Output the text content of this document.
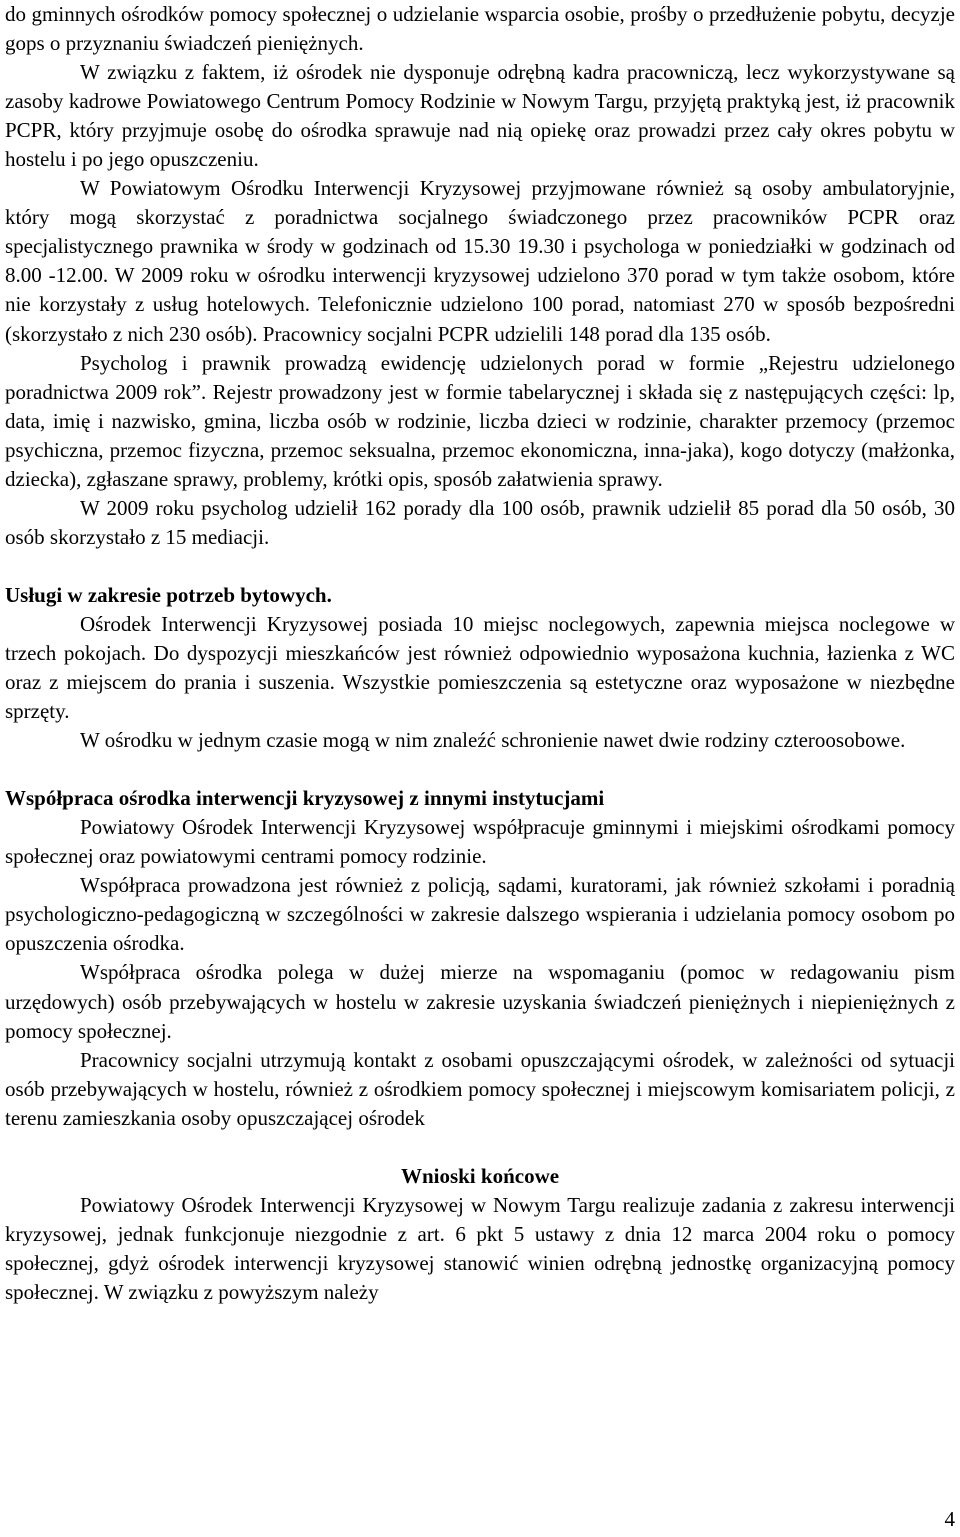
do gminnych ośrodków pomocy społecznej o udzielanie wsparcia osobie, prośby o przedłużenie pobytu, decyzje gops o przyznaniu świadczeń pieniężnych.

W związku z faktem, iż ośrodek nie dysponuje odrębną kadra pracowniczą, lecz wykorzystywane są zasoby kadrowe Powiatowego Centrum Pomocy Rodzinie w Nowym Targu, przyjętą praktyką jest, iż pracownik PCPR, który przyjmuje osobę do ośrodka sprawuje nad nią opiekę oraz prowadzi przez cały okres pobytu w hostelu i po jego opuszczeniu.

W Powiatowym Ośrodku Interwencji Kryzysowej przyjmowane również są osoby ambulatoryjnie, który mogą skorzystać z poradnictwa socjalnego świadczonego przez pracowników PCPR oraz specjalistycznego prawnika w środy w godzinach od 15.30 19.30 i psychologa w poniedziałki w godzinach od 8.00 -12.00. W 2009 roku w ośrodku interwencji kryzysowej udzielono 370 porad w tym także osobom, które nie korzystały z usług hotelowych. Telefonicznie udzielono 100 porad, natomiast 270 w sposób bezpośredni (skorzystało z nich 230 osób). Pracownicy socjalni PCPR udzielili 148 porad dla 135 osób.

Psycholog i prawnik prowadzą ewidencję udzielonych porad w formie „Rejestru udzielonego poradnictwa 2009 rok”. Rejestr prowadzony jest w formie tabelarycznej i składa się z następujących części: lp, data, imię i nazwisko, gmina, liczba osób w rodzinie, liczba dzieci w rodzinie, charakter przemocy (przemoc psychiczna, przemoc fizyczna, przemoc seksualna, przemoc ekonomiczna, inna-jaka), kogo dotyczy (małżonka, dziecka), zgłaszane sprawy, problemy, krótki opis, sposób załatwienia sprawy.

W 2009 roku psycholog udzielił 162 porady dla 100 osób, prawnik udzielił 85 porad dla 50 osób, 30 osób skorzystało z 15 mediacji.

Usługi w zakresie potrzeb bytowych.

Ośrodek Interwencji Kryzysowej posiada 10 miejsc noclegowych, zapewnia miejsca noclegowe w trzech pokojach. Do dyspozycji mieszkańców jest również odpowiednio wyposażona kuchnia, łazienka z WC oraz z miejscem do prania i suszenia. Wszystkie pomieszczenia są estetyczne oraz wyposażone w niezbędne sprzęty.

W ośrodku w jednym czasie mogą w nim znaleźć schronienie nawet dwie rodziny czteroosobowe.

Współpraca ośrodka interwencji kryzysowej z innymi instytucjami

Powiatowy Ośrodek Interwencji Kryzysowej współpracuje gminnymi i miejskimi ośrodkami pomocy społecznej oraz powiatowymi centrami pomocy rodzinie.

Współpraca prowadzona jest również z policją, sądami, kuratorami, jak również szkołami i poradnią psychologiczno-pedagogiczną w szczególności w zakresie dalszego wspierania i udzielania pomocy osobom po opuszczenia ośrodka.

Współpraca ośrodka polega w dużej mierze na wspomaganiu (pomoc w redagowaniu pism urzędowych) osób przebywających w hostelu w zakresie uzyskania świadczeń pieniężnych i niepieniężnych z pomocy społecznej.

Pracownicy socjalni utrzymują kontakt z osobami opuszczającymi ośrodek, w zależności od sytuacji osób przebywających w hostelu, również z ośrodkiem pomocy społecznej i miejscowym komisariatem policji, z terenu zamieszkania osoby opuszczającej ośrodek

Wnioski końcowe

Powiatowy Ośrodek Interwencji Kryzysowej w Nowym Targu realizuje zadania z zakresu interwencji kryzysowej, jednak funkcjonuje niezgodnie z art. 6 pkt 5 ustawy z dnia 12 marca 2004 roku o pomocy społecznej, gdyż ośrodek interwencji kryzysowej stanowić winien odrębną jednostkę organizacyjną pomocy społecznej. W związku z powyższym należy

4
